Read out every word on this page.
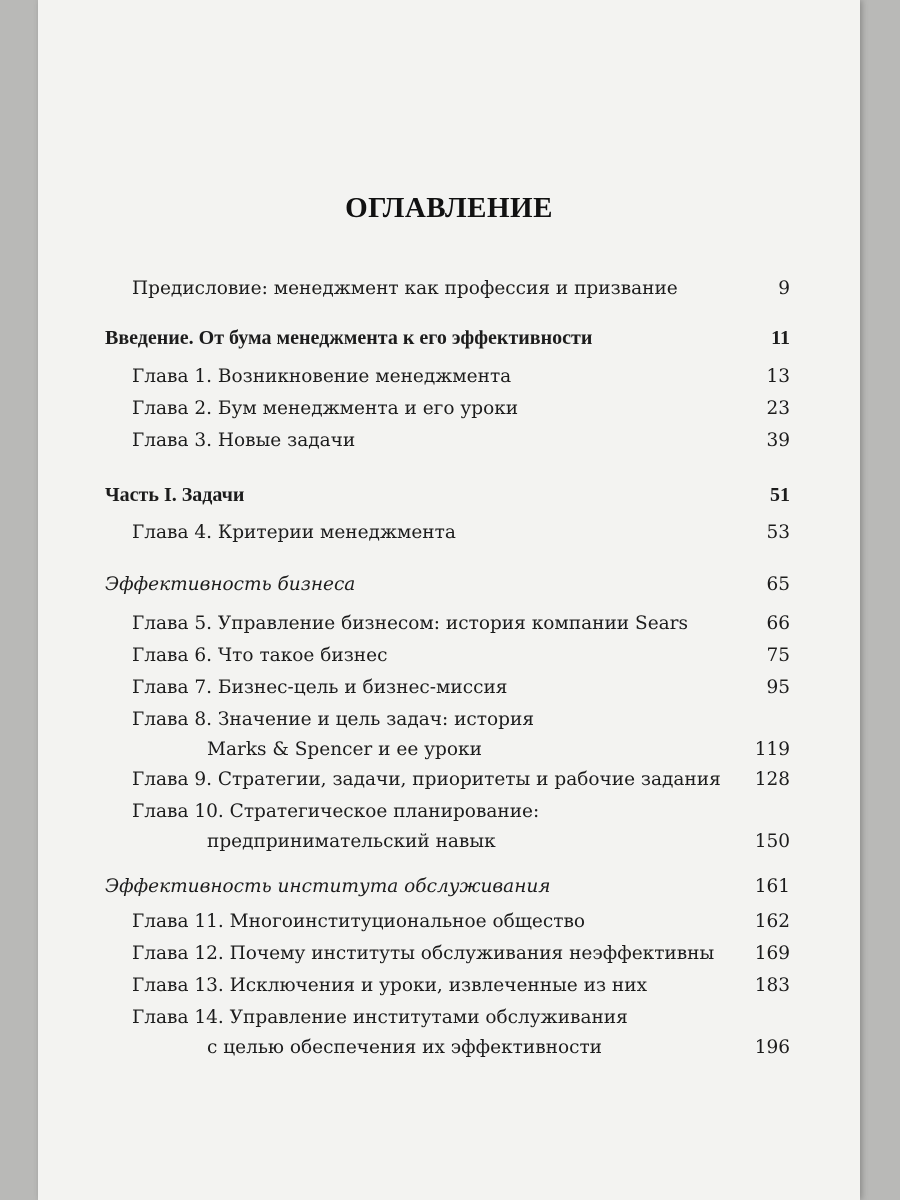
ОГЛАВЛЕНИЕ
Предисловие: менеджмент как профессия и призвание	9
Введение. От бума менеджмента к его эффективности	11
Глава 1. Возникновение менеджмента	13
Глава 2. Бум менеджмента и его уроки	23
Глава 3. Новые задачи	39
Часть I. Задачи	51
Глава 4. Критерии менеджмента	53
Эффективность бизнеса	65
Глава 5. Управление бизнесом: история компании Sears	66
Глава 6. Что такое бизнес	75
Глава 7. Бизнес-цель и бизнес-миссия	95
Глава 8. Значение и цель задач: история
Marks & Spencer и ее уроки	119
Глава 9. Стратегии, задачи, приоритеты и рабочие задания 128
Глава 10. Стратегическое планирование:
предпринимательский навык	150
Эффективность института обслуживания	161
Глава 11. Многоинституциональное общество	162
Глава 12. Почему институты обслуживания неэффективны 169
Глава 13. Исключения и уроки, извлеченные из них	183
Глава 14. Управление институтами обслуживания
с целью обеспечения их эффективности	196
